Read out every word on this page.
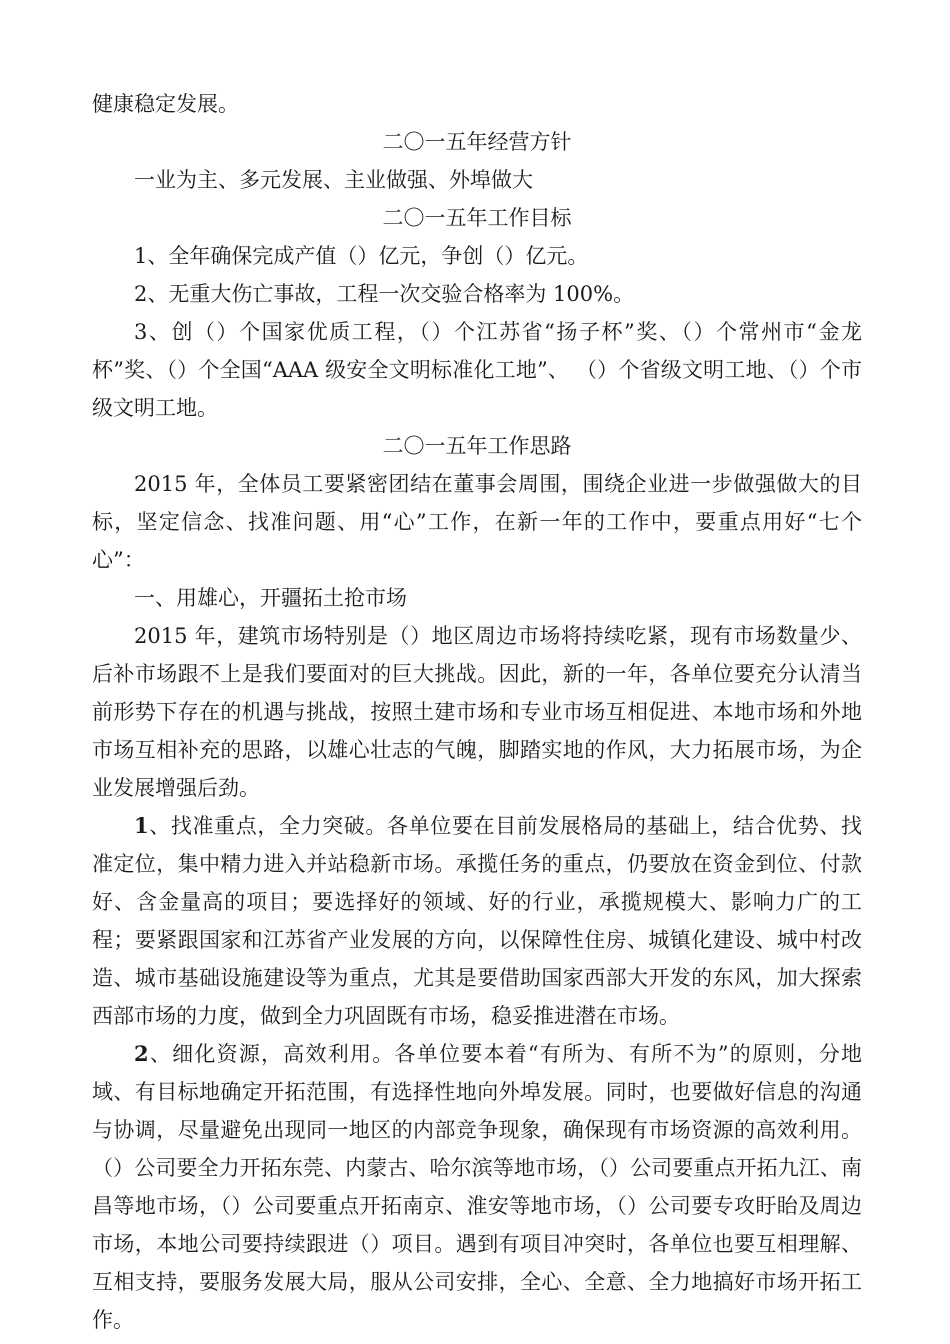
健康稳定发展。

二〇一五年经营方针

一业为主、多元发展、主业做强、外埠做大

二〇一五年工作目标

1、全年确保完成产值（）亿元，争创（）亿元。

2、无重大伤亡事故，工程一次交验合格率为 100%。

3、创（）个国家优质工程，（）个江苏省“扬子杯”奖、（）个常州市“金龙杯”奖、（）个全国“AAA 级安全文明标准化工地”、 （）个省级文明工地、（）个市级文明工地。

二〇一五年工作思路

2015 年，全体员工要紧密团结在董事会周围，围绕企业进一步做强做大的目标，坚定信念、找准问题、用“心”工作，在新一年的工作中，要重点用好“七个心”：

一、用雄心，开疆拓土抢市场

2015 年，建筑市场特别是（）地区周边市场将持续吃紧，现有市场数量少、后补市场跟不上是我们要面对的巨大挑战。因此，新的一年，各单位要充分认清当前形势下存在的机遇与挑战，按照土建市场和专业市场互相促进、本地市场和外地市场互相补充的思路，以雄心壮志的气魄，脚踏实地的作风，大力拓展市场，为企业发展增强后劲。

1、找准重点，全力突破。各单位要在目前发展格局的基础上，结合优势、找准定位，集中精力进入并站稳新市场。承揽任务的重点，仍要放在资金到位、付款好、含金量高的项目；要选择好的领域、好的行业，承揽规模大、影响力广的工程；要紧跟国家和江苏省产业发展的方向，以保障性住房、城镇化建设、城中村改造、城市基础设施建设等为重点，尤其是要借助国家西部大开发的东风，加大探索西部市场的力度，做到全力巩固既有市场，稳妥推进潜在市场。

2、细化资源，高效利用。各单位要本着“有所为、有所不为”的原则，分地域、有目标地确定开拓范围，有选择性地向外埠发展。同时，也要做好信息的沟通与协调，尽量避免出现同一地区的内部竞争现象，确保现有市场资源的高效利用。（）公司要全力开拓东莞、内蒙古、哈尔滨等地市场，（）公司要重点开拓九江、南昌等地市场，（）公司要重点开拓南京、淮安等地市场，（）公司要专攻盱眙及周边市场，本地公司要持续跟进（）项目。遇到有项目冲突时，各单位也要互相理解、互相支持，要服务发展大局，服从公司安排，全心、全意、全力地搞好市场开拓工作。
